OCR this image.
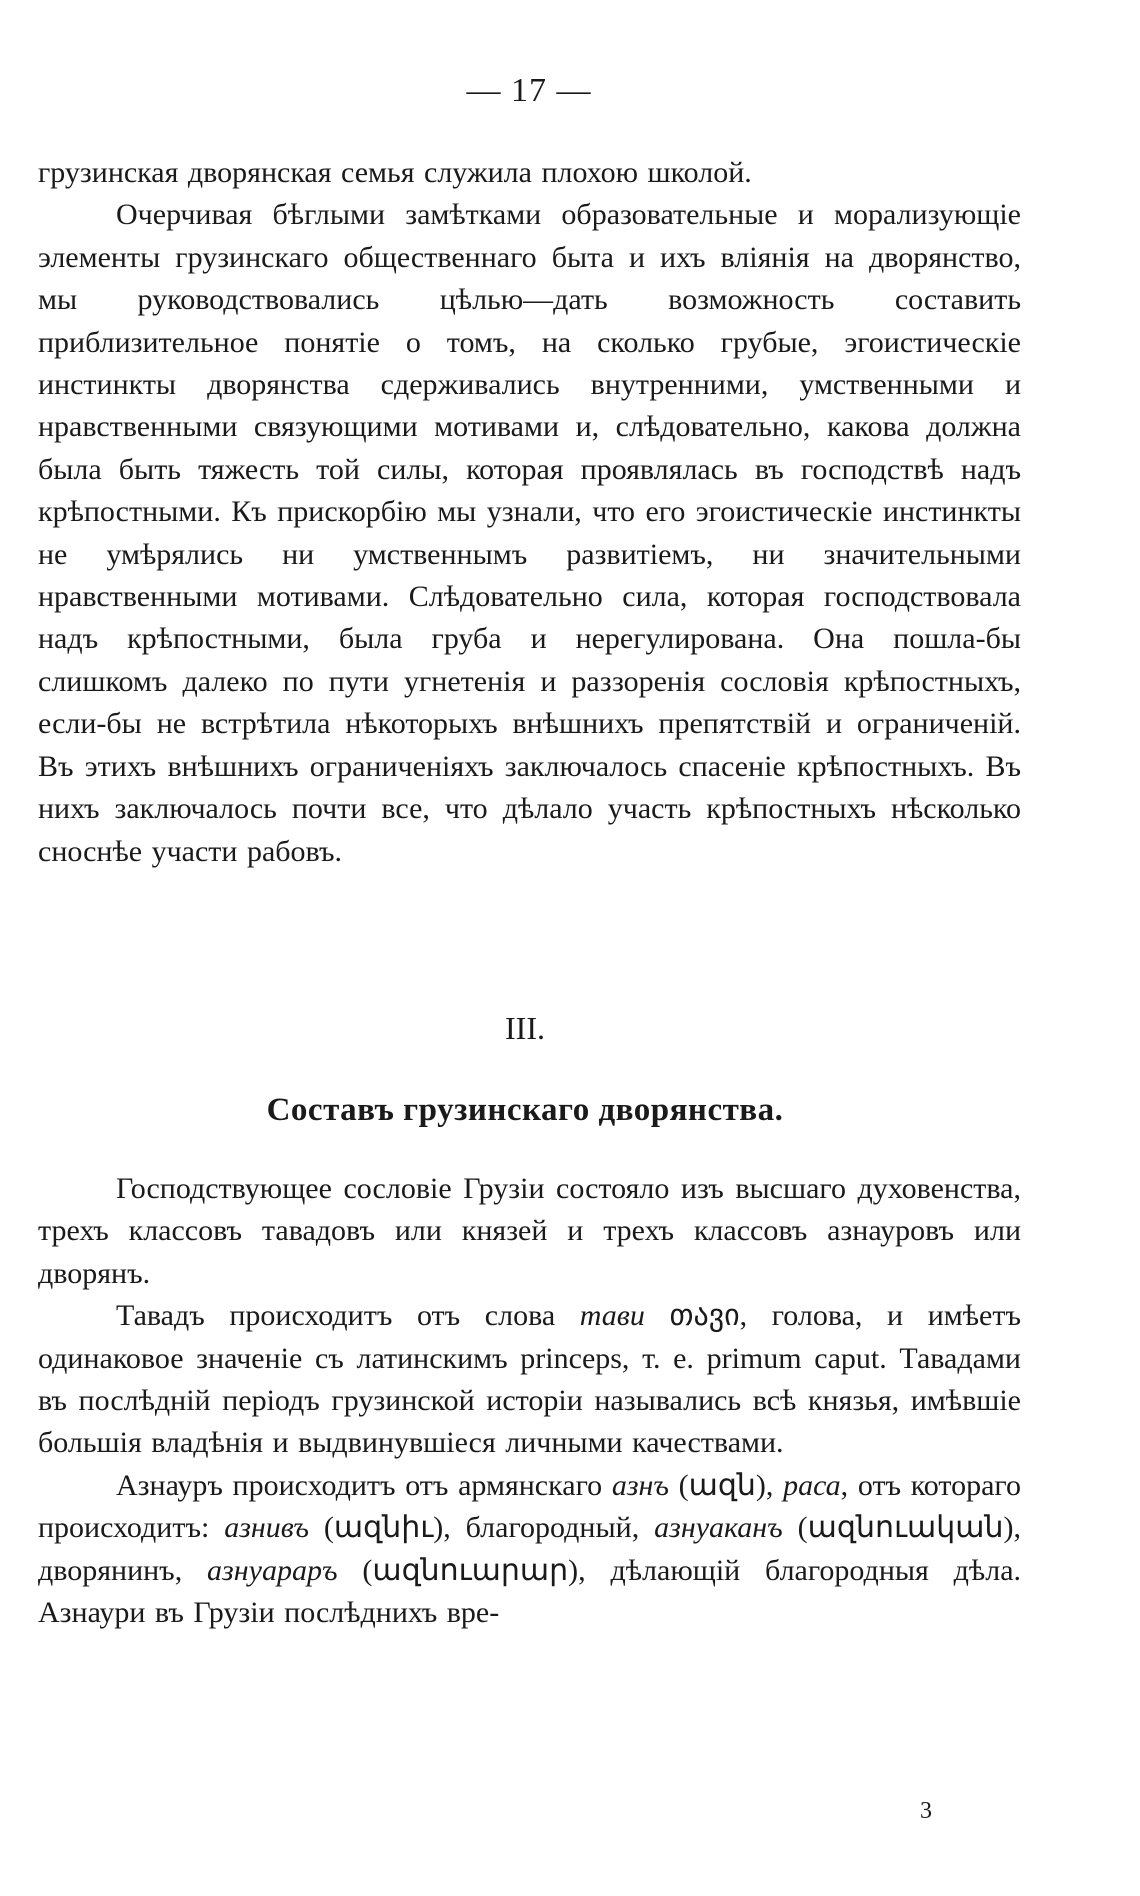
— 17 —

грузинская дворянская семья служила плохою школой.

Очерчивая бѣглыми замѣтками образовательные и морализующіе элементы грузинскаго общественнаго быта и ихъ вліянія на дворянство, мы руководствовались цѣлью—дать возможность составить приблизительное понятіе о томъ, на сколько грубые, эгоистическіе инстинкты дворянства сдерживались внутренними, умственными и нравственными связующими мотивами и, слѣдовательно, какова должна была быть тяжесть той силы, которая проявлялась въ господствѣ надъ крѣпостными. Къ прискорбію мы узнали, что его эгоистическіе инстинкты не умѣрялись ни умственнымъ развитіемъ, ни значительными нравственными мотивами. Слѣдовательно сила, которая господствовала надъ крѣпостными, была груба и нерегулирована. Она пошла-бы слишкомъ далеко по пути угнетенія и раззоренія сословія крѣпостныхъ, если-бы не встрѣтила нѣкоторыхъ внѣшнихъ препятствій и ограниченій. Въ этихъ внѣшнихъ ограниченіяхъ заключалось спасеніе крѣпостныхъ. Въ нихъ заключалось почти все, что дѣлало участь крѣпостныхъ нѣсколько сноснѣе участи рабовъ.

III.
Составъ грузинскаго дворянства.

Господствующее сословіе Грузіи состояло изъ высшаго духовенства, трехъ классовъ тавадовъ или князей и трехъ классовъ азнауровъ или дворянъ.

Тавадъ происходитъ отъ слова тави თავი, голова, и имѣетъ одинаковое значеніе съ латинскимъ princeps, т. е. primum caput. Тавадами въ послѣдній періодъ грузинской исторіи назывались всѣ князья, имѣвшіе большія владѣнія и выдвинувшіеся личными качествами.

Азнауръ происходитъ отъ армянскаго азнъ (ազն), раса, отъ котораго происходитъ: азнивъ (ազնիւ), благородный, азнуаканъ (ազնուական), дворянинъ, азнуараръ (ազնուարար), дѣлающій благородныя дѣла. Азнаури въ Грузіи послѣднихъ вре-

3
